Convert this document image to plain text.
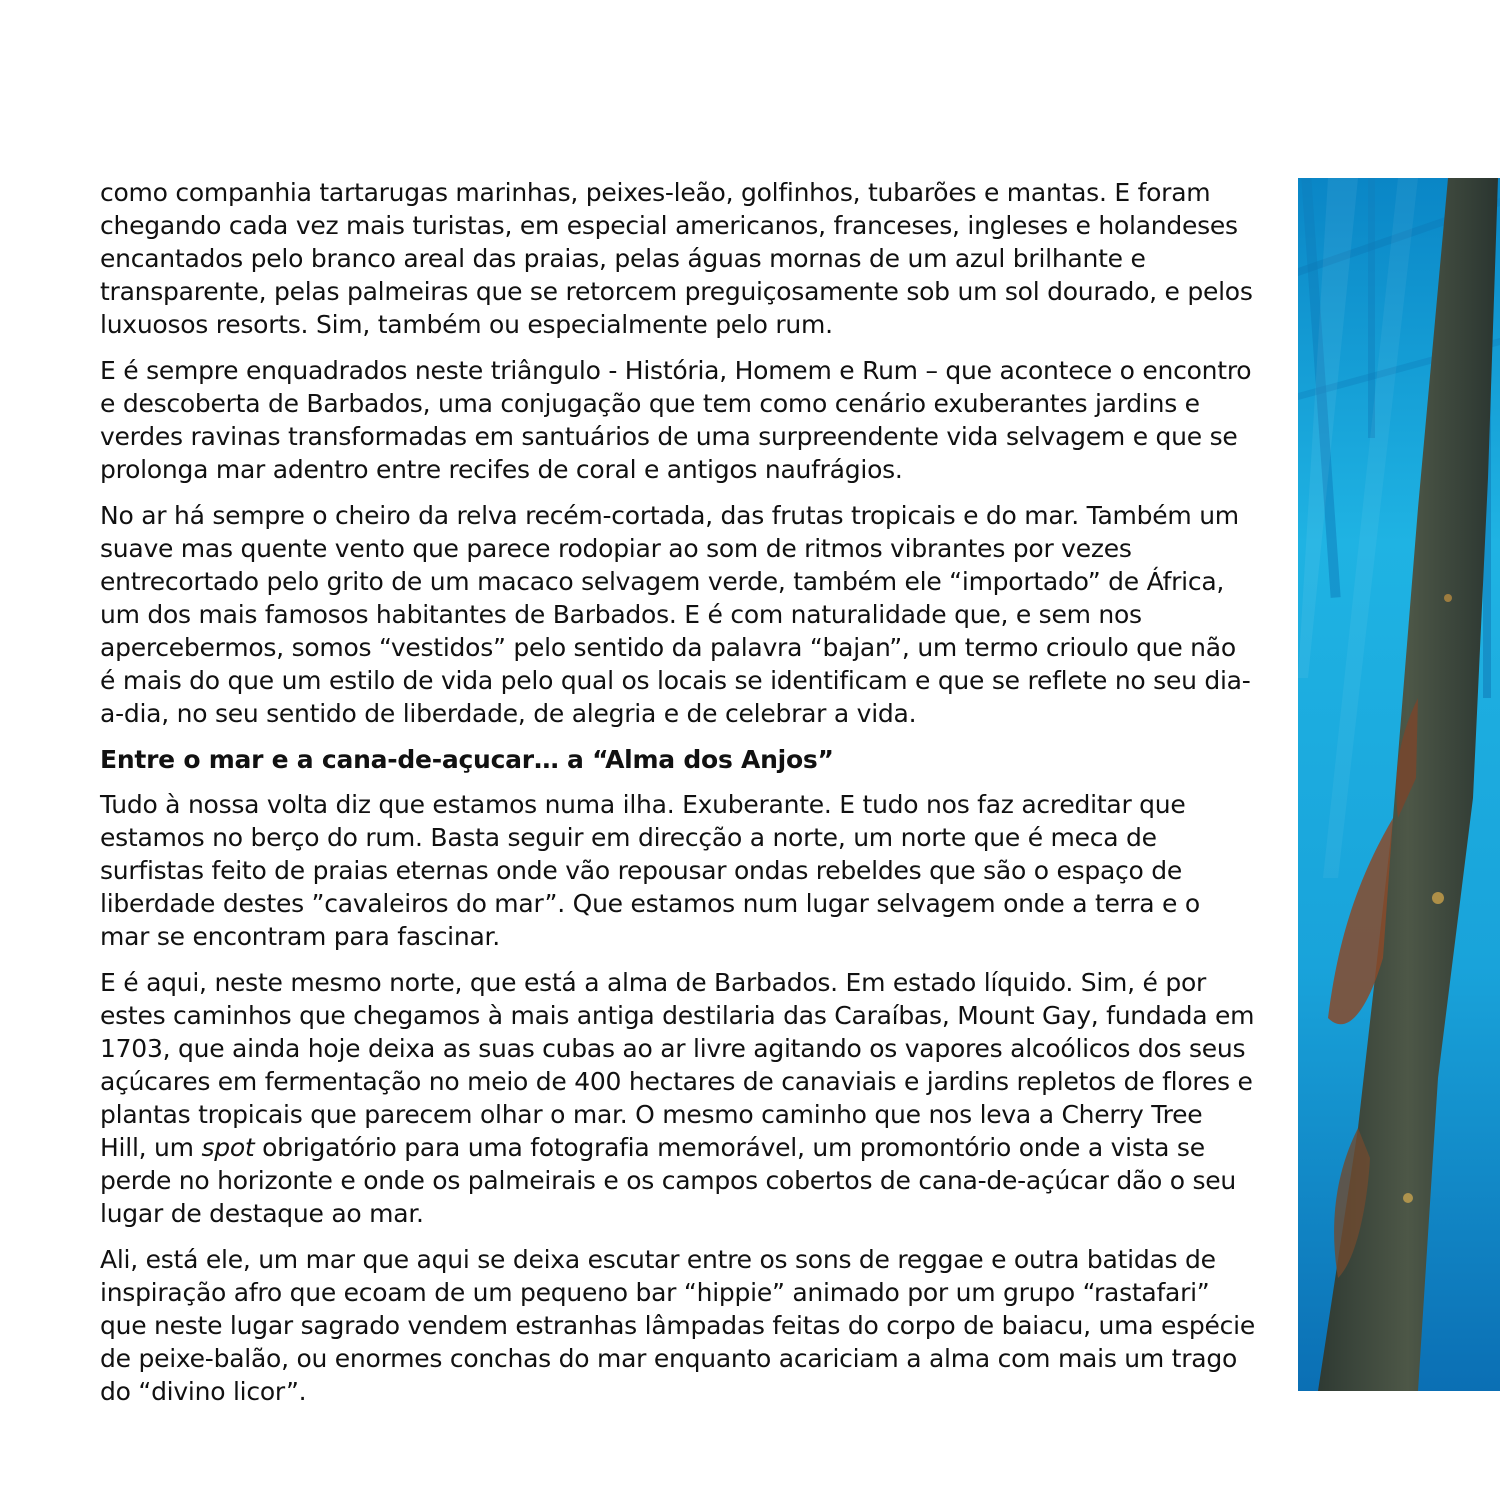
como companhia tartarugas marinhas, peixes-leão, golfinhos, tubarões e mantas. E foram chegando cada vez mais turistas, em especial americanos, franceses, ingleses e holandeses encantados pelo branco areal das praias, pelas águas mornas de um azul brilhante e transparente, pelas palmeiras que se retorcem preguiçosamente sob um sol dourado, e pelos luxuosos resorts. Sim, também ou especialmente pelo rum.

E é sempre enquadrados neste triângulo - História, Homem e Rum – que acontece o encontro e descoberta de Barbados, uma conjugação que tem como cenário exuberantes jardins e verdes ravinas transformadas em santuários de uma surpreendente vida selvagem e que se prolonga mar adentro entre recifes de coral e antigos naufrágios.

No ar há sempre o cheiro da relva recém-cortada, das frutas tropicais e do mar. Também um suave mas quente vento que parece rodopiar ao som de ritmos vibrantes por vezes entrecortado pelo grito de um macaco selvagem verde, também ele “importado” de África, um dos mais famosos habitantes de Barbados. E é com naturalidade que, e sem nos apercebermos, somos “vestidos” pelo sentido da palavra “bajan”, um termo crioulo que não é mais do que um estilo de vida pelo qual os locais se identificam e que se reflete no seu dia-a-dia, no seu sentido de liberdade, de alegria e de celebrar a vida.

Entre o mar e a cana-de-açucar… a “Alma dos Anjos”

Tudo à nossa volta diz que estamos numa ilha. Exuberante. E tudo nos faz acreditar que estamos no berço do rum. Basta seguir em direcção a norte, um norte que é meca de surfistas feito de praias eternas onde vão repousar ondas rebeldes que são o espaço de liberdade destes ”cavaleiros do mar”. Que estamos num lugar selvagem onde a terra e o mar se encontram para fascinar.

E é aqui, neste mesmo norte, que está a alma de Barbados. Em estado líquido. Sim, é por estes caminhos que chegamos à mais antiga destilaria das Caraíbas, Mount Gay, fundada em 1703, que ainda hoje deixa as suas cubas ao ar livre agitando os vapores alcoólicos dos seus açúcares em fermentação no meio de 400 hectares de canaviais e jardins repletos de flores e plantas tropicais que parecem olhar o mar. O mesmo caminho que nos leva a Cherry Tree Hill, um spot obrigatório para uma fotografia memorável, um promontório onde a vista se perde no horizonte e onde os palmeirais e os campos cobertos de cana-de-açúcar dão o seu lugar de destaque ao mar.

Ali, está ele, um mar que aqui se deixa escutar entre os sons de reggae e outra batidas de inspiração afro que ecoam de um pequeno bar “hippie” animado por um grupo “rastafari” que neste lugar sagrado vendem estranhas lâmpadas feitas do corpo de baiacu, uma espécie de peixe-balão, ou enormes conchas do mar enquanto acariciam a alma com mais um trago do “divino licor”.
